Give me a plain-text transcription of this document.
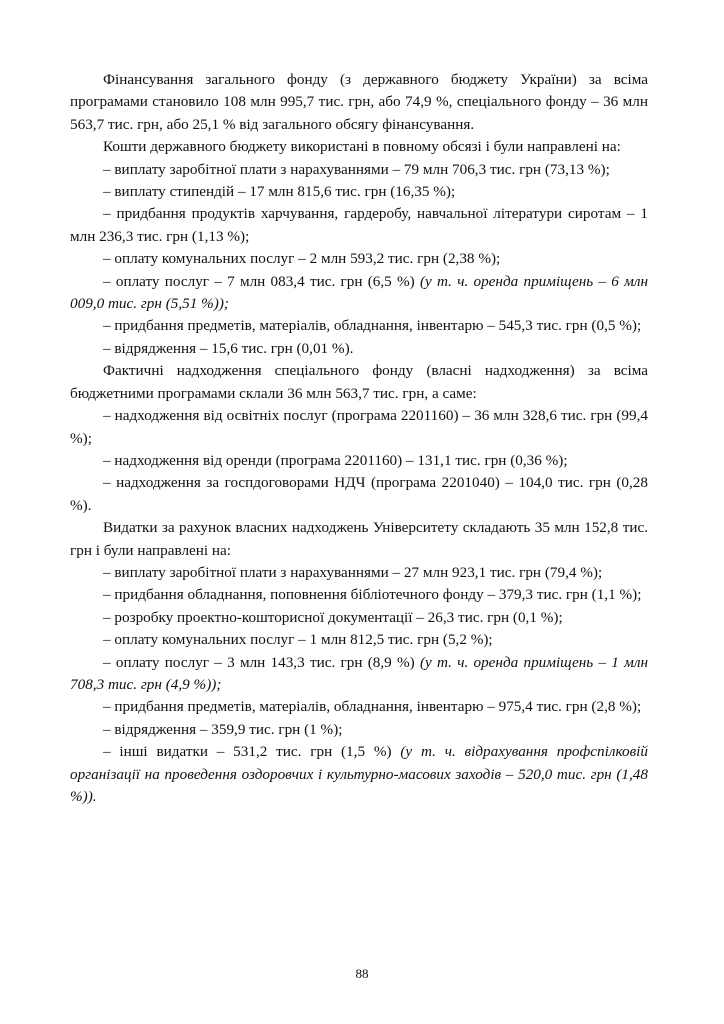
Фінансування загального фонду (з державного бюджету України) за всіма програмами становило 108 млн 995,7 тис. грн, або 74,9 %, спеціального фонду – 36 млн 563,7 тис. грн, або 25,1 % від загального обсягу фінансування.

Кошти державного бюджету використані в повному обсязі і були направлені на:

– виплату заробітної плати з нарахуваннями – 79 млн 706,3 тис. грн (73,13 %);

– виплату стипендій – 17 млн 815,6 тис. грн (16,35 %);

– придбання продуктів харчування, гардеробу, навчальної літератури сиротам – 1 млн 236,3 тис. грн (1,13 %);

– оплату комунальних послуг – 2 млн 593,2 тис. грн (2,38 %);

– оплату послуг – 7 млн 083,4 тис. грн (6,5 %) (у т. ч. оренда приміщень – 6 млн 009,0 тис. грн (5,51 %));

– придбання предметів, матеріалів, обладнання, інвентарю – 545,3 тис. грн (0,5 %);

– відрядження – 15,6 тис. грн (0,01 %).

Фактичні надходження спеціального фонду (власні надходження) за всіма бюджетними програмами склали 36 млн 563,7 тис. грн, а саме:

– надходження від освітніх послуг (програма 2201160) – 36 млн 328,6 тис. грн (99,4 %);

– надходження від оренди (програма 2201160) – 131,1 тис. грн (0,36 %);

– надходження за госпдоговорами НДЧ (програма 2201040) – 104,0 тис. грн (0,28 %).

Видатки за рахунок власних надходжень Університету складають 35 млн 152,8 тис. грн і були направлені на:

– виплату заробітної плати з нарахуваннями – 27 млн 923,1 тис. грн (79,4 %);

– придбання обладнання, поповнення бібліотечного фонду – 379,3 тис. грн (1,1 %);

– розробку проектно-кошторисної документації – 26,3 тис. грн (0,1 %);

– оплату комунальних послуг – 1 млн 812,5 тис. грн (5,2 %);

– оплату послуг – 3 млн 143,3 тис. грн (8,9 %) (у т. ч. оренда приміщень – 1 млн 708,3 тис. грн (4,9 %));

– придбання предметів, матеріалів, обладнання, інвентарю – 975,4 тис. грн (2,8 %);

– відрядження – 359,9 тис. грн (1 %);

– інші видатки – 531,2 тис. грн (1,5 %) (у т. ч. відрахування профспілковій організації на проведення оздоровчих і культурно-масових заходів – 520,0 тис. грн (1,48 %)).

88
